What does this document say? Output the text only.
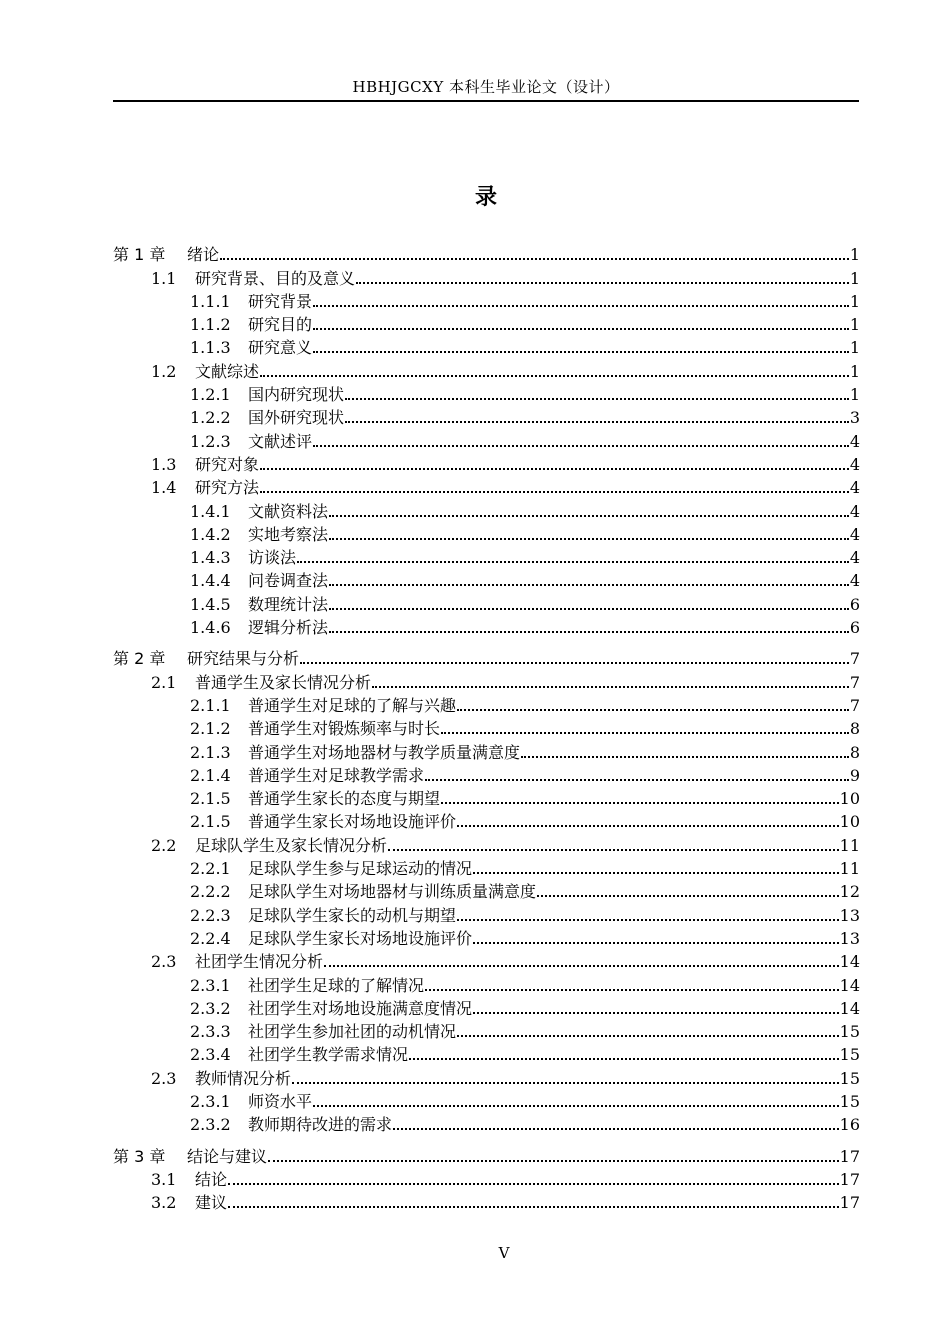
HBHJGCXY 本科生毕业论文（设计）
录
第 1 章	绪论	1
1.1	研究背景、目的及意义	1
1.1.1	研究背景	1
1.1.2	研究目的	1
1.1.3	研究意义	1
1.2	文献综述	1
1.2.1	国内研究现状	1
1.2.2	国外研究现状	3
1.2.3	文献述评	4
1.3	研究对象	4
1.4	研究方法	4
1.4.1	文献资料法	4
1.4.2	实地考察法	4
1.4.3	访谈法	4
1.4.4	问卷调查法	4
1.4.5	数理统计法	6
1.4.6	逻辑分析法	6
第 2 章	研究结果与分析	7
2.1	普通学生及家长情况分析	7
2.1.1	普通学生对足球的了解与兴趣	7
2.1.2	普通学生对锻炼频率与时长	8
2.1.3	普通学生对场地器材与教学质量满意度	8
2.1.4	普通学生对足球教学需求	9
2.1.5	普通学生家长的态度与期望	10
2.1.5	普通学生家长对场地设施评价	10
2.2	足球队学生及家长情况分析	11
2.2.1	足球队学生参与足球运动的情况	11
2.2.2	足球队学生对场地器材与训练质量满意度	12
2.2.3	足球队学生家长的动机与期望	13
2.2.4	足球队学生家长对场地设施评价	13
2.3	社团学生情况分析	14
2.3.1	社团学生足球的了解情况	14
2.3.2	社团学生对场地设施满意度情况	14
2.3.3	社团学生参加社团的动机情况	15
2.3.4	社团学生教学需求情况	15
2.3	教师情况分析	15
2.3.1	师资水平	15
2.3.2	教师期待改进的需求	16
第 3 章	结论与建议	17
3.1	结论	17
3.2	建议	17
V
